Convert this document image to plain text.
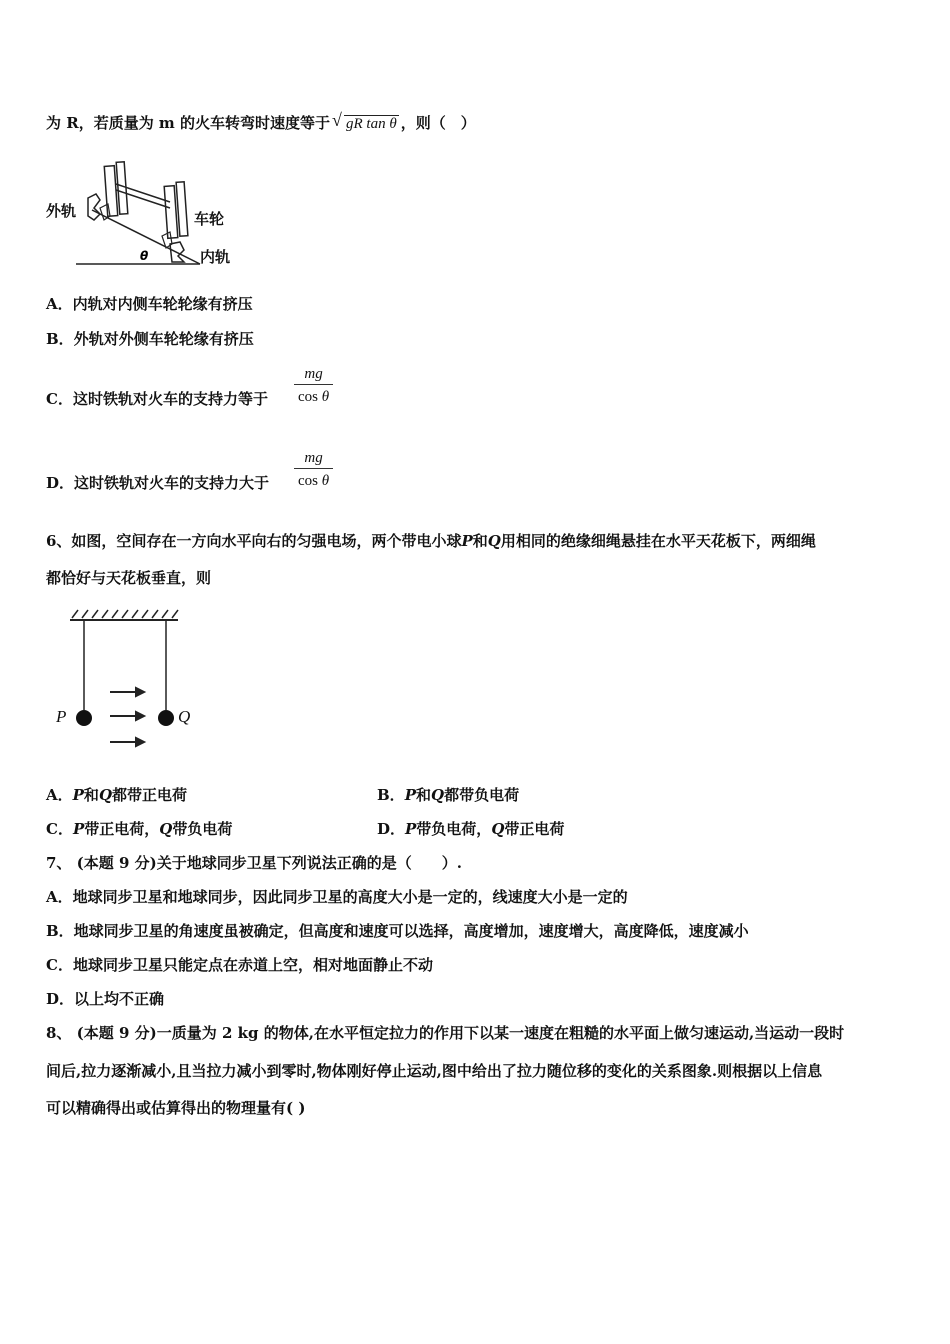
为 R，若质量为 m 的火车转弯时速度等于 √ gR tan θ ，则（　）
θ
外轨	车轮
内轨
A．内轨对内侧车轮轮缘有挤压
B．外轨对外侧车轮轮缘有挤压
C．这时铁轨对火车的支持力等于 $\frac{mg}{\text{cos θ}}$
D．这时铁轨对火车的支持力大于 $\frac{mg}{\text{cos θ}}$
6、如图，空间存在一方向水平向右的匀强电场，两个带电小球P和Q用相同的绝缘细绳悬挂在水平天花板下，两细绳
都恰好与天花板垂直，则
P	Q
A．P和Q都带正电荷	B．P和Q都带负电荷
C．P带正电荷，Q带负电荷	D．P带负电荷，Q带正电荷
7、 (本题 9 分)关于地球同步卫星下列说法正确的是（　　）.
A．地球同步卫星和地球同步，因此同步卫星的高度大小是一定的，线速度大小是一定的
B．地球同步卫星的角速度虽被确定，但高度和速度可以选择，高度增加，速度增大，高度降低，速度减小
C．地球同步卫星只能定点在赤道上空，相对地面静止不动
D．以上均不正确
8、 (本题 9 分)一质量为 2 kg 的物体,在水平恒定拉力的作用下以某一速度在粗糙的水平面上做匀速运动,当运动一段时
间后,拉力逐渐减小,且当拉力减小到零时,物体刚好停止运动,图中给出了拉力随位移的变化的关系图象.则根据以上信息
可以精确得出或估算得出的物理量有( )
